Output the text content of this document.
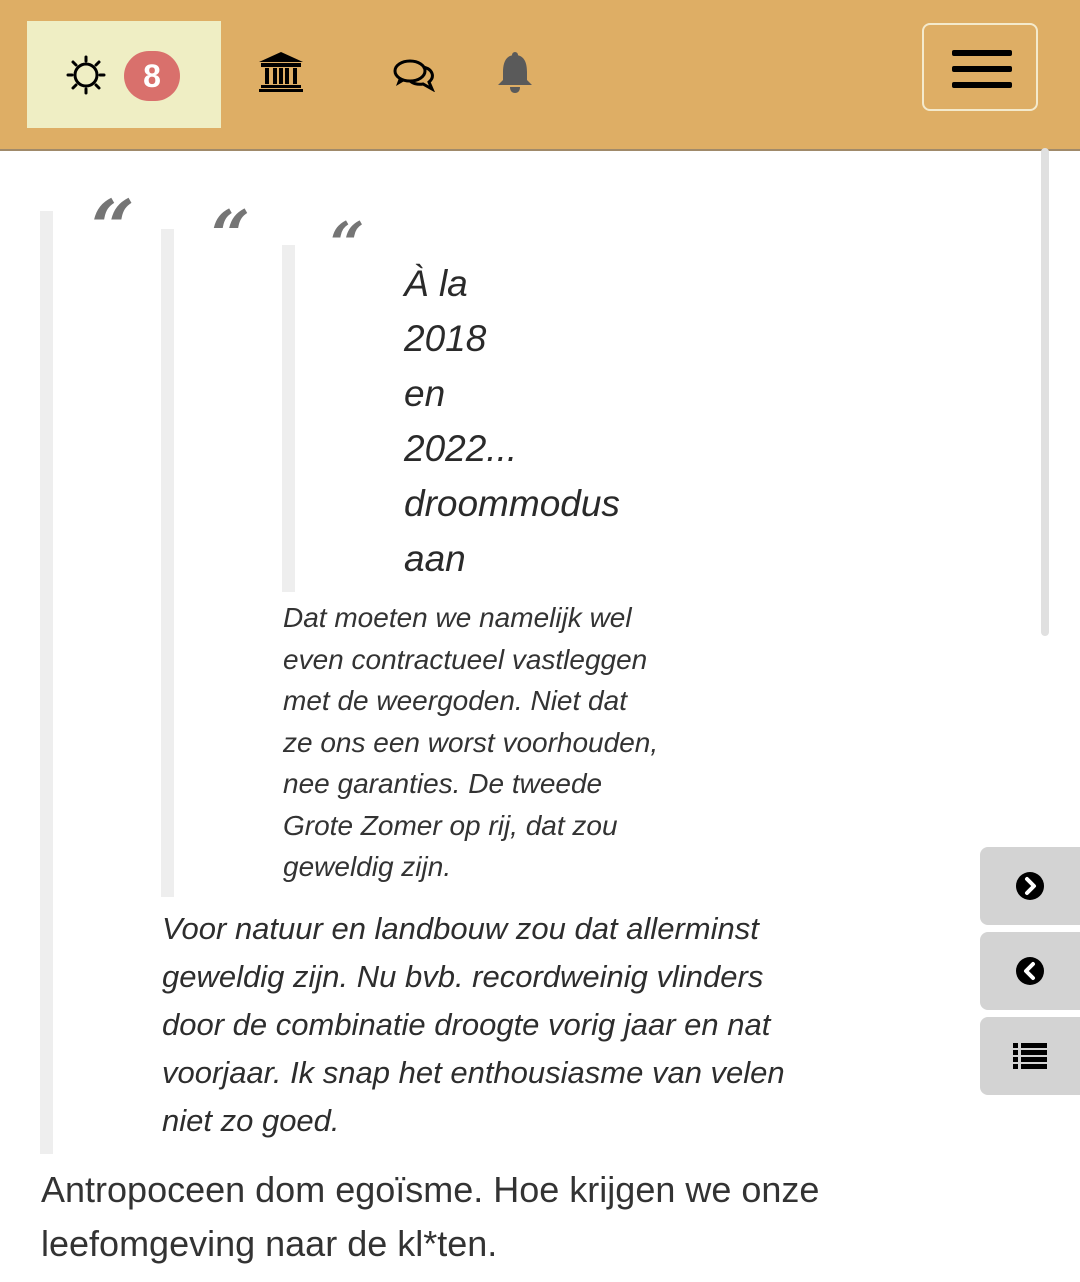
8
“ “ “
À la
2018
en
2022...
droommodus
aan
Dat moeten we namelijk wel
even contractueel vastleggen
met de weergoden. Niet dat
ze ons een worst voorhouden,
nee garanties. De tweede
Grote Zomer op rij, dat zou
geweldig zijn.
Voor natuur en landbouw zou dat allerminst
geweldig zijn. Nu bvb. recordweinig vlinders
door de combinatie droogte vorig jaar en nat
voorjaar. Ik snap het enthousiasme van velen
niet zo goed.
Antropoceen dom egoïsme. Hoe krijgen we onze
leefomgeving naar de kl*ten.
